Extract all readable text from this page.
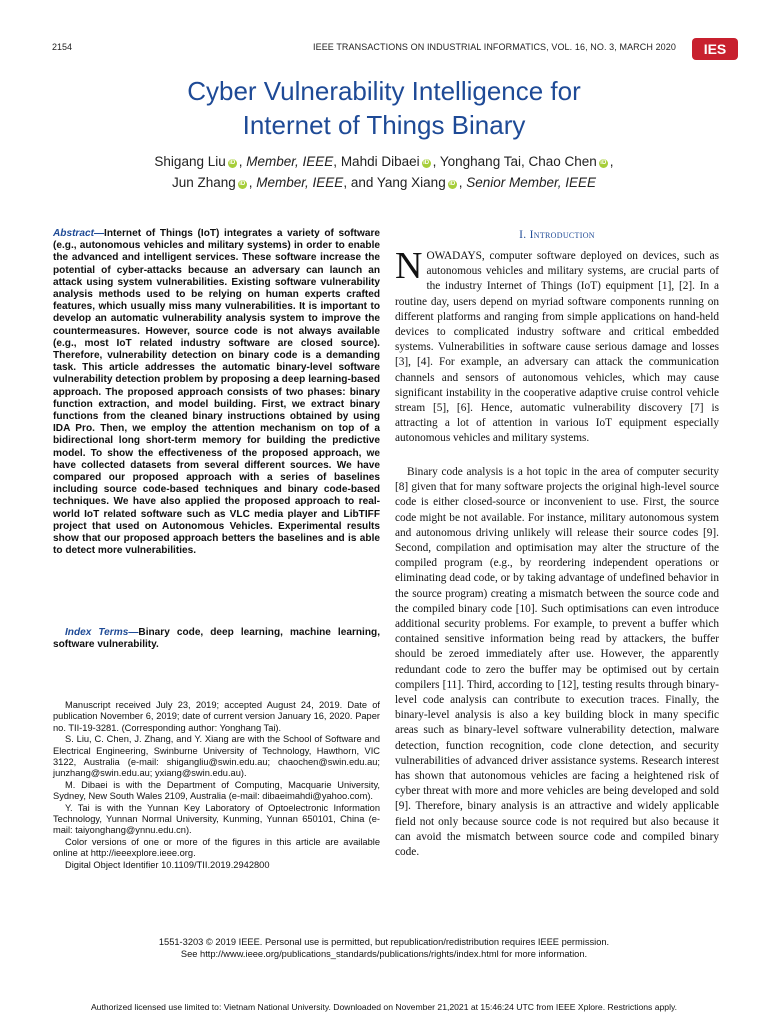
2154	IEEE TRANSACTIONS ON INDUSTRIAL INFORMATICS, VOL. 16, NO. 3, MARCH 2020 IES
Cyber Vulnerability Intelligence for
Internet of Things Binary
Shigang Liu iD , Member, IEEE, Mahdi Dibaei iD , Yonghang Tai, Chao Chen iD ,
Jun Zhang iD , Member, IEEE, and Yang Xiang iD , Senior Member, IEEE
Abstract—Internet of Things (IoT) integrates a variety of software (e.g., autonomous vehicles and military systems) in order to enable the advanced and intelligent services. These software increase the potential of cyber-attacks because an adversary can launch an attack using system vulnerabilities. Existing software vulnerability analysis methods used to be relying on human experts crafted features, which usually miss many vulnerabilities. It is important to develop an automatic vulnerability analysis system to improve the countermeasures. However, source code is not always available (e.g., most IoT related industry software are closed source). Therefore, vulnerability detection on binary code is a demanding task. This article addresses the automatic binary-level software vulnerability detection problem by proposing a deep learning-based approach. The proposed approach consists of two phases: binary function extraction, and model building. First, we extract binary functions from the cleaned binary instructions obtained by using IDA Pro. Then, we employ the attention mechanism on top of a bidirectional long short-term memory for building the predictive model. To show the effectiveness of the proposed approach, we have collected datasets from several different sources. We have compared our proposed approach with a series of baselines including source code-based techniques and binary code-based techniques. We have also applied the proposed approach to real-world IoT related software such as VLC media player and LibTIFF project that used on Autonomous Vehicles. Experimental results show that our proposed approach betters the baselines and is able to detect more vulnerabilities.
Index Terms—Binary code, deep learning, machine learning, software vulnerability.

Manuscript received July 23, 2019; accepted August 24, 2019. Date of publication November 6, 2019; date of current version January 16, 2020. Paper no. TII-19-3281. (Corresponding author: Yonghang Tai).

S. Liu, C. Chen, J. Zhang, and Y. Xiang are with the School of Software and Electrical Engineering, Swinburne University of Technology, Hawthorn, VIC 3122, Australia (e-mail: shigangliu@swin.edu.au; chaochen@swin.edu.au; junzhang@swin.edu.au; yxiang@swin.edu.au).

M. Dibaei is with the Department of Computing, Macquarie University, Sydney, New South Wales 2109, Australia (e-mail: dibaeimahdi@yahoo.com).

Y. Tai is with the Yunnan Key Laboratory of Optoelectronic Information Technology, Yunnan Normal University, Kunming, Yunnan 650101, China (e-mail: taiyonghang@ynnu.edu.cn).

Color versions of one or more of the figures in this article are available online at http://ieeexplore.ieee.org.

Digital Object Identifier 10.1109/TII.2019.2942800

I. Introduction
NOWADAYS, computer software deployed on devices, such as autonomous vehicles and military systems, are crucial parts of the industry Internet of Things (IoT) equipment [1], [2]. In a routine day, users depend on myriad software components running on different platforms and ranging from simple applications on hand-held devices to complicated industry software and critical embedded systems. Vulnerabilities in software cause serious damage and losses [3], [4]. For example, an adversary can attack the communication channels and sensors of autonomous vehicles, which may cause significant instability in the cooperative adaptive cruise control vehicle stream [5], [6]. Hence, automatic vulnerability discovery [7] is attracting a lot of attention in various IoT equipment especially autonomous vehicles and military systems.
Binary code analysis is a hot topic in the area of computer security [8] given that for many software projects the original high-level source code is either closed-source or inconvenient to use. First, the source code might be not available. For instance, military autonomous system and autonomous driving unlikely will release their source codes [9]. Second, compilation and optimisation may alter the structure of the compiled program (e.g., by reordering independent operations or eliminating dead code, or by taking advantage of undefined behavior in the source program) creating a mismatch between the source code and the compiled binary code [10]. Such optimisations can even introduce additional security problems. For example, to prevent a buffer which contained sensitive information being read by attackers, the buffer should be zeroed immediately after use. However, the apparently redundant code to zero the buffer may be optimised out by certain compilers [11]. Third, according to [12], testing results through binary-level code analysis can contribute to execution traces. Finally, the binary-level analysis is also a key building block in many specific areas such as binary-level software vulnerability detection, malware detection, function recognition, code clone detection, and security vulnerabilities of advanced driver assistance systems. Research interest has shown that autonomous vehicles are facing a heightened risk of cyber threat with more and more vehicles are being developed and sold [9]. Therefore, binary analysis is an attractive and widely applicable field not only because source code is not required but also because it can avoid the mismatch between source code and compiled binary code.
1551-3203 © 2019 IEEE. Personal use is permitted, but republication/redistribution requires IEEE permission.
See http://www.ieee.org/publications_standards/publications/rights/index.html for more information.
Authorized licensed use limited to: Vietnam National University. Downloaded on November 21,2021 at 15:46:24 UTC from IEEE Xplore. Restrictions apply.
